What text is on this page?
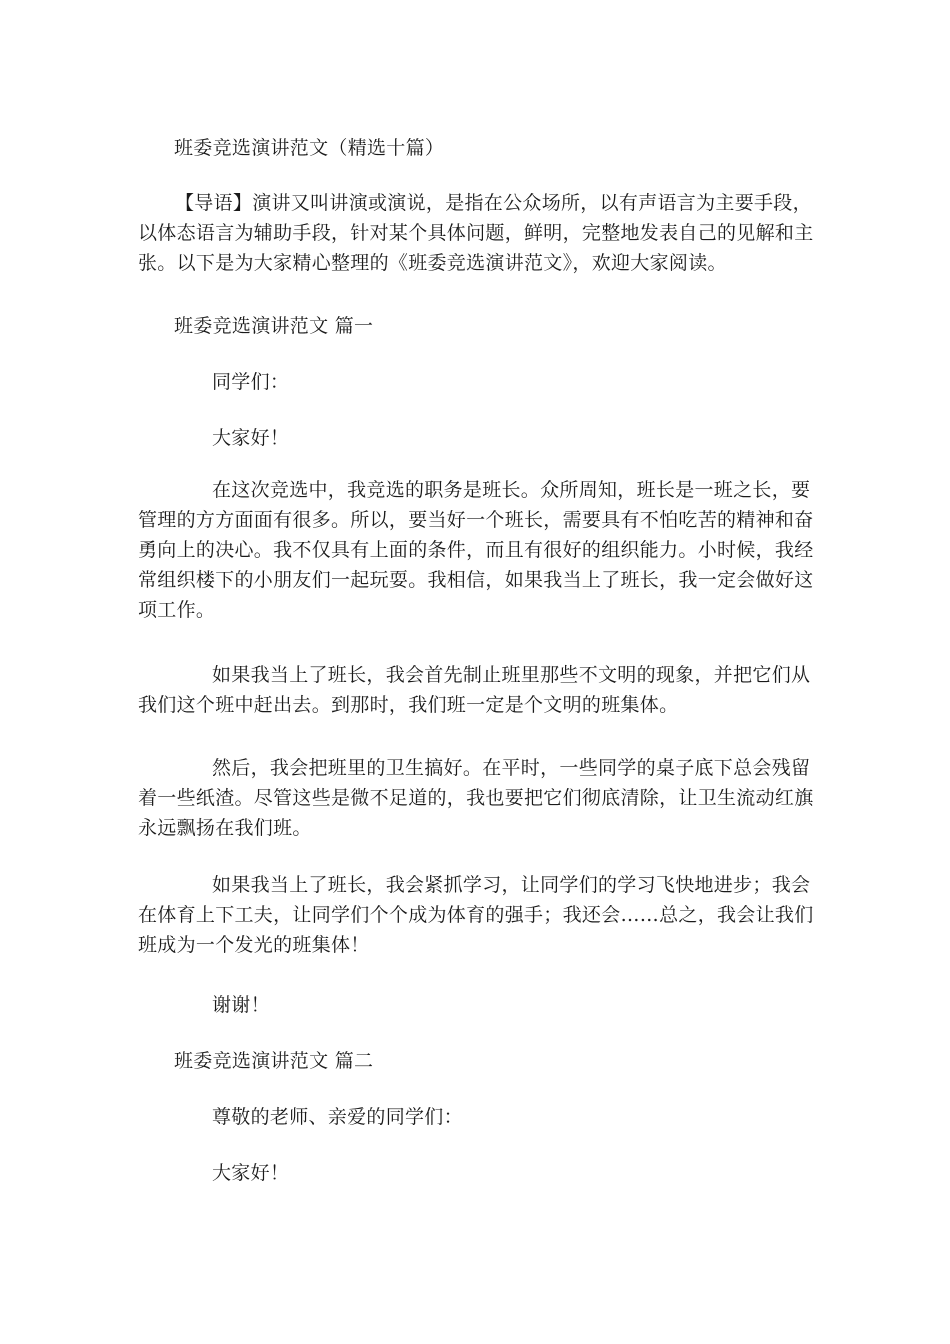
班委竞选演讲范文（精选十篇）
【导语】演讲又叫讲演或演说，是指在公众场所，以有声语言为主要手段，
以体态语言为辅助手段，针对某个具体问题，鲜明，完整地发表自己的见解和主
张。以下是为大家精心整理的《班委竞选演讲范文》，欢迎大家阅读。
班委竞选演讲范文 篇一
同学们：
大家好！
在这次竞选中，我竞选的职务是班长。众所周知，班长是一班之长，要
管理的方方面面有很多。所以，要当好一个班长，需要具有不怕吃苦的精神和奋
勇向上的决心。我不仅具有上面的条件，而且有很好的组织能力。小时候，我经
常组织楼下的小朋友们一起玩耍。我相信，如果我当上了班长，我一定会做好这
项工作。
如果我当上了班长，我会首先制止班里那些不文明的现象，并把它们从
我们这个班中赶出去。到那时，我们班一定是个文明的班集体。
然后，我会把班里的卫生搞好。在平时，一些同学的桌子底下总会残留
着一些纸渣。尽管这些是微不足道的，我也要把它们彻底清除，让卫生流动红旗
永远飘扬在我们班。
如果我当上了班长，我会紧抓学习，让同学们的学习飞快地进步；我会
在体育上下工夫，让同学们个个成为体育的强手；我还会……总之，我会让我们
班成为一个发光的班集体！
谢谢！
班委竞选演讲范文 篇二
尊敬的老师、亲爱的同学们：
大家好！
